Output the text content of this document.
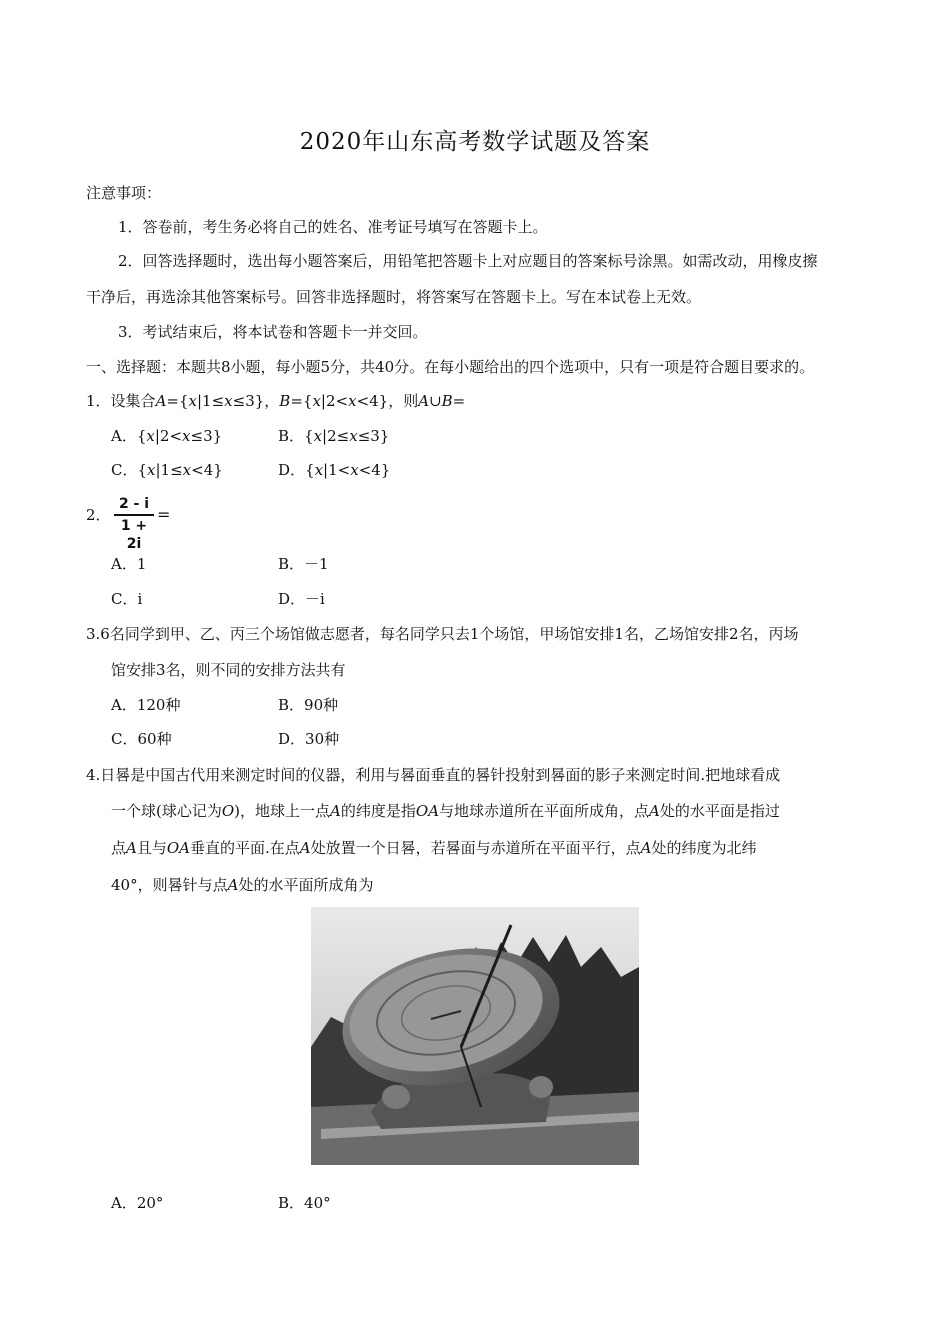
2020年山东高考数学试题及答案
注意事项：
1．答卷前，考生务必将自己的姓名、准考证号填写在答题卡上。
2．回答选择题时，选出每小题答案后，用铅笔把答题卡上对应题目的答案标号涂黑。如需改动，用橡皮擦
干净后，再选涂其他答案标号。回答非选择题时，将答案写在答题卡上。写在本试卷上无效。
3．考试结束后，将本试卷和答题卡一并交回。
一、选择题：本题共8小题，每小题5分，共40分。在每小题给出的四个选项中，只有一项是符合题目要求的。
1．设集合A={x|1≤x≤3}，B={x|2<x<4}，则A∪B=
A．{x|2<x≤3}	B．{x|2≤x≤3}
C．{x|1≤x<4}	D．{x|1<x<4}
2．
2 - i
1 + 2i
=
A．1	B．－1
C．i	D．－i
3.6名同学到甲、乙、丙三个场馆做志愿者，每名同学只去1个场馆，甲场馆安排1名，乙场馆安排2名，丙场
馆安排3名，则不同的安排方法共有
A．120种	B．90种
C．60种	D．30种
4.日晷是中国古代用来测定时间的仪器，利用与晷面垂直的晷针投射到晷面的影子来测定时间.把地球看成
一个球(球心记为O)，地球上一点A的纬度是指OA与地球赤道所在平面所成角，点A处的水平面是指过
点A且与OA垂直的平面.在点A处放置一个日晷，若晷面与赤道所在平面平行，点A处的纬度为北纬
40°，则晷针与点A处的水平面所成角为
A．20°	B．40°
